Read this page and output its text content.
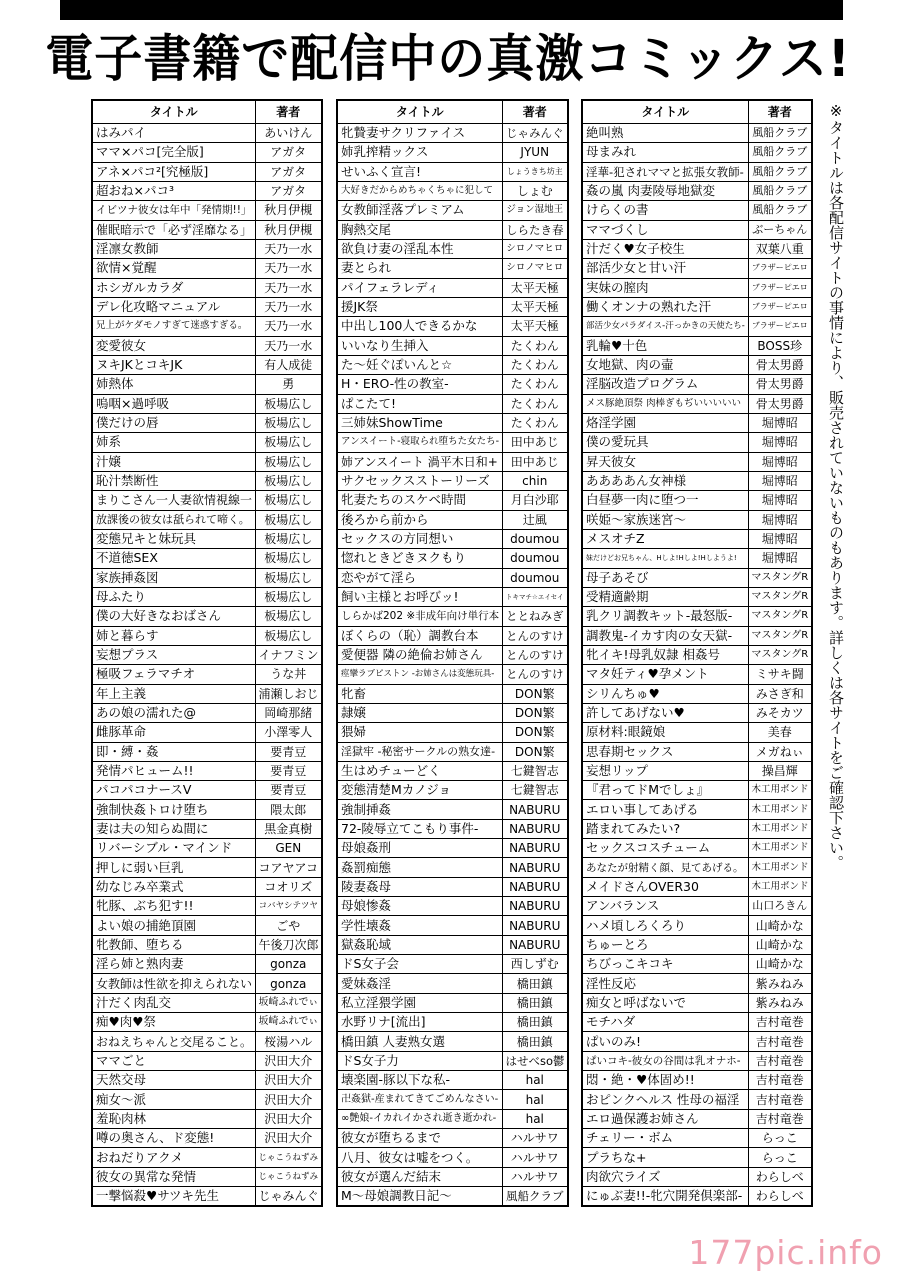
電子書籍で配信中の真激コミックス!
タイトル	著者
はみパイ	あいけん
ママ×パコ[完全版]	アガタ
アネ×パコ²[究極版]	アガタ
超おね×パコ³	アガタ
イビツナ彼女は年中「発情期!!」	秋月伊槻
催眠暗示で「必ず淫靡なる」	秋月伊槻
淫凛女教師	天乃一水
欲情×覚醒	天乃一水
ホシガルカラダ	天乃一水
デレ化攻略マニュアル	天乃一水
兄上がケダモノすぎて迷惑すぎる。	天乃一水
変愛彼女	天乃一水
ヌキJKとコキJK	有人成徒
姉熱体	勇
嗚咽×過呼吸	板場広し
僕だけの唇	板場広し
姉系	板場広し
汁嬢	板場広し
恥汁禁断性	板場広し
まりこさん一人妻欲情視線一	板場広し
放課後の彼女は舐られて啼く。	板場広し
変態兄キと妹玩具	板場広し
不道徳SEX	板場広し
家族挿姦図	板場広し
母ふたり	板場広し
僕の大好きなおばさん	板場広し
姉と暮らす	板場広し
妄想プラス	イナフミン
極吸フェラマチオ	うな丼
年上主義	浦瀬しおじ
あの娘の濡れた@	岡崎那緒
雌豚革命	小澤零人
即・縛・姦	要青豆
発情パヒューム!!	要青豆
パコパコナースV	要青豆
強制快姦トロけ堕ち	隈太郎
妻は夫の知らぬ間に	黒金真樹
リバーシブル・マインド	GEN
押しに弱い巨乳	コアヤアコ
幼なじみ卒業式	コオリズ
牝豚、ぶち犯す!!	コバヤシテツヤ
よい娘の捕絶頂園	ごや
牝教師、堕ちる	午後刀次郎
淫ら姉と熟肉妻	gonza
女教師は性欲を抑えられない	gonza
汁だく肉乱交	坂崎ふれでぃ
痴♥肉♥祭	坂崎ふれでぃ
おねえちゃんと交尾ること。	桜湯ハル
ママごと	沢田大介
天然交母	沢田大介
痴女～派	沢田大介
羞恥肉林	沢田大介
噂の奥さん、ド変態!	沢田大介
おねだりアクメ	じゃこうねずみ
彼女の異常な発情	じゃこうねずみ
一撃悩殺♥サツキ先生	じゃみんぐ
タイトル	著者
牝贄妻サクリファイス	じゃみんぐ
姉乳搾精ックス	JYUN
せいふく宣言!	しょうきち坊主
大好きだからめちゃくちゃに犯して	しょむ
女教師淫落プレミアム	ジョン湿地王
胸熱交尾	しらたき春
欲負け妻の淫乱本性	シロノマヒロ
妻とられ	シロノマヒロ
パイフェラレディ	太平天極
援JK祭	太平天極
中出し100人できるかな	太平天極
いいなり生挿入	たくわん
た～妊ぐぽいんと☆	たくわん
H・ERO-性の教室-	たくわん
ぱこたて!	たくわん
三姉妹ShowTime	たくわん
アンスイート-寝取られ堕ちた女たち-	田中あじ
姉アンスイート 渦平木日和+	田中あじ
サクセックスストーリーズ	chin
牝妻たちのスケベ時間	月白沙耶
後ろから前から	辻風
セックスの方同想い	doumou
惚れときどきヌクもり	doumou
恋やがて淫ら	doumou
飼い主様とお呼びッ!	トキマチ☆エイセイ
しらかば202 ※非成年向け単行本	ととねみぎ
ぼくらの（恥）調教台本	とんのすけ
愛便器 隣の絶倫お姉さん	とんのすけ
痙攣ラブピストン -お姉さんは変態玩具-	とんのすけ
牝畜	DON繁
隷嬢	DON繁
猥婦	DON繁
淫獄牢 -秘密サークルの熟女達-	DON繁
生はめチューどく	七鍵智志
変態清楚Mカノジョ	七鍵智志
強制挿姦	NABURU
72-陵辱立てこもり事件-	NABURU
母娘姦刑	NABURU
姦罰痴態	NABURU
陵妻姦母	NABURU
母娘惨姦	NABURU
学性壊姦	NABURU
獄姦恥域	NABURU
ドS女子会	西しずむ
愛妹姦淫	橋田鎮
私立淫猥学園	橋田鎮
水野リナ[流出]	橋田鎮
橋田鎮 人妻熟女選	橋田鎮
ドS女子力	はせべso鬱
壊楽園-豚以下な私-	hal
卍姦獄-産まれてきてごめんなさい-	hal
∞艶娘-イカれイかされ逝き逝かれ-	hal
彼女が堕ちるまで	ハルサワ
八月、彼女は嘘をつく。	ハルサワ
彼女が選んだ結末	ハルサワ
M～母娘調教日記～	風船クラブ
タイトル	著者
絶叫熟	風船クラブ
母まみれ	風船クラブ
淫華-犯されママと拡張女教師-	風船クラブ
姦の嵐 肉妻陵辱地獄変	風船クラブ
けらくの書	風船クラブ
ママづくし	ぶーちゃん
汁だく♥女子校生	双葉八重
部活少女と甘い汗	ブラザーピエロ
実妹の膣肉	ブラザーピエロ
働くオンナの熟れた汗	ブラザーピエロ
部活少女パラダイス-汗っかきの天使たち-	ブラザーピエロ
乳輪♥十色	BOSS珍
女地獄、肉の壷	骨太男爵
淫脳改造プログラム	骨太男爵
メス豚絶頂祭 肉棒ぎもぢいいいいい	骨太男爵
烙淫学園	堀博昭
僕の愛玩具	堀博昭
昇天彼女	堀博昭
ああああん女神様	堀博昭
白昼夢一肉に堕つ一	堀博昭
咲姫～家族迷宮～	堀博昭
メスオチZ	堀博昭
妹だけどお兄ちゃん、Hしよ!Hしよ!Hしようよ!	堀博昭
母子あそび	マスタングR
受精適齢期	マスタングR
乳クリ調教キット-最怒版-	マスタングR
調教鬼-イカす肉の女天獄-	マスタングR
牝イキ!母乳奴隷 相姦号	マスタングR
マタ妊ティ♥孕メント	ミサキ闘
シリんちゅ♥	みさぎ和
許してあげない♥	みそカツ
原材料:眼鏡娘	美春
思春期セックス	メガねぃ
妄想リップ	操昌輝
『君ってドMでしょ』	木工用ボンド
エロい事してあげる	木工用ボンド
踏まれてみたい?	木工用ボンド
セックスコスチューム	木工用ボンド
あなたが射精く顔、見てあげる。	木工用ボンド
メイドさんOVER30	木工用ボンド
アンバランス	山口ろきん
ハメ頃しろくろり	山崎かな
ちゅーとろ	山崎かな
ちびっこキコキ	山崎かな
淫性反応	紫みねみ
痴女と呼ばないで	紫みねみ
モチハダ	吉村竜巻
ぱいのみ!	吉村竜巻
ぱいコキ-彼女の谷間は乳オナホ-	吉村竜巻
悶・絶・♥体固め!!	吉村竜巻
おピンクヘルス 性母の福淫	吉村竜巻
エロ過保護お姉さん	吉村竜巻
チェリー・ボム	らっこ
プラちな+	らっこ
肉欲穴ライズ	わらしべ
にゅぶ妻!!-牝穴開発倶楽部-	わらしべ
※タイトルは各配信サイトの事情により、販売されていないものもあります。詳しくは各サイトをご確認下さい。
177pic.info
